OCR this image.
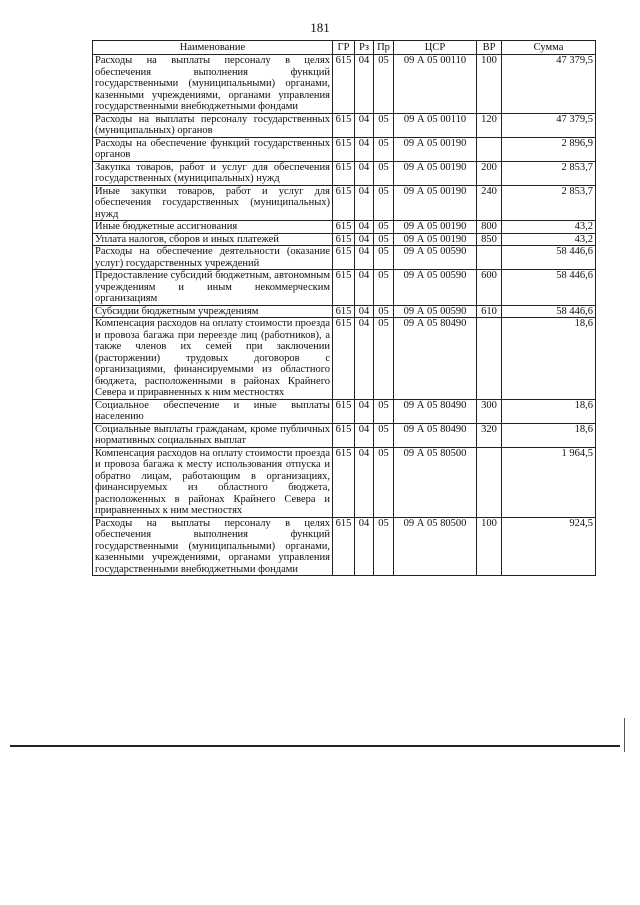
181
Наименование	ГР	Рз	Пр	ЦСР	ВР	Сумма
Расходы на выплаты персоналу в целях обеспечения выполнения функций государственными (муниципальными) органами, казенными учреждениями, органами управления государственными внебюджетными фондами	615	04	05	09 А 05 00110	100	47 379,5
Расходы на выплаты персоналу государственных (муниципальных) органов	615	04	05	09 А 05 00110	120	47 379,5
Расходы на обеспечение функций государственных органов	615	04	05	09 А 05 00190		2 896,9
Закупка товаров, работ и услуг для обеспечения государственных (муниципальных) нужд	615	04	05	09 А 05 00190	200	2 853,7
Иные закупки товаров, работ и услуг для обеспечения государственных (муниципальных) нужд	615	04	05	09 А 05 00190	240	2 853,7
Иные бюджетные ассигнования	615	04	05	09 А 05 00190	800	43,2
Уплата налогов, сборов и иных платежей	615	04	05	09 А 05 00190	850	43,2
Расходы на обеспечение деятельности (оказание услуг) государственных учреждений	615	04	05	09 А 05 00590		58 446,6
Предоставление субсидий бюджетным, автономным учреждениям и иным некоммерческим организациям	615	04	05	09 А 05 00590	600	58 446,6
Субсидии бюджетным учреждениям	615	04	05	09 А 05 00590	610	58 446,6
Компенсация расходов на оплату стоимости проезда и провоза багажа при переезде лиц (работников), а также членов их семей при заключении (расторжении) трудовых договоров с организациями, финансируемыми из областного бюджета, расположенными в районах Крайнего Севера и приравненных к ним местностях	615	04	05	09 А 05 80490		18,6
Социальное обеспечение и иные выплаты населению	615	04	05	09 А 05 80490	300	18,6
Социальные выплаты гражданам, кроме публичных нормативных социальных выплат	615	04	05	09 А 05 80490	320	18,6
Компенсация расходов на оплату стоимости проезда и провоза багажа к месту использования отпуска и обратно лицам, работающим в организациях, финансируемых из областного бюджета, расположенных в районах Крайнего Севера и приравненных к ним местностях	615	04	05	09 А 05 80500		1 964,5
Расходы на выплаты персоналу в целях обеспечения выполнения функций государственными (муниципальными) органами, казенными учреждениями, органами управления государственными внебюджетными фондами	615	04	05	09 А 05 80500	100	924,5
